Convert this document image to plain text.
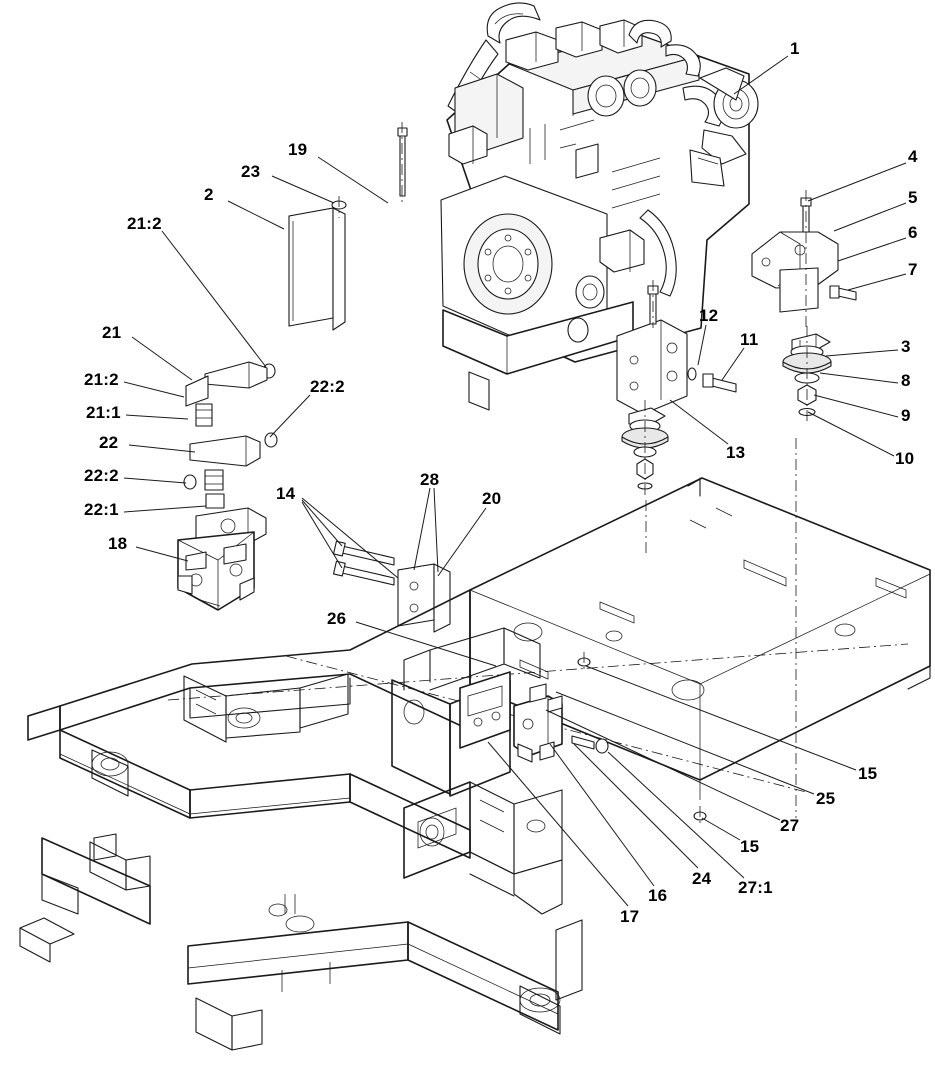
1
19
23
2
4
5
6
7
21:2
21
21:2
21:1
22
22:2
22:1
18
22:2
12
11	3
8
9
10
13
14
28
20
26
15
25
27
15
24 27:1
16
17
